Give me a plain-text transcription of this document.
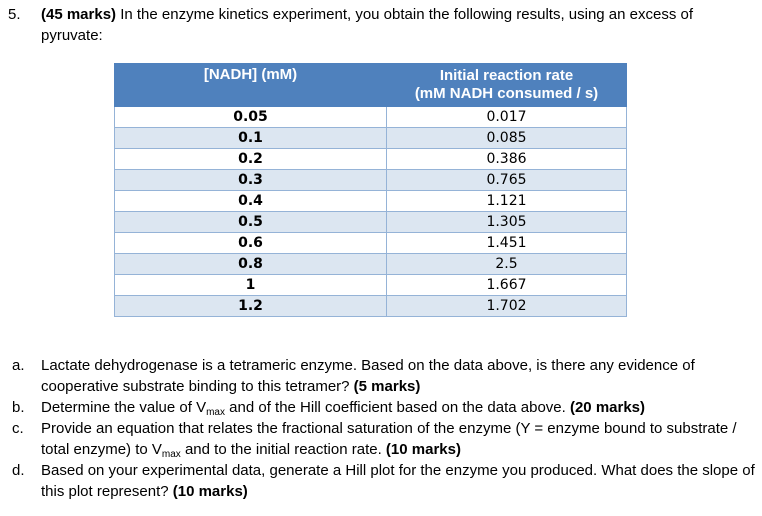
5. (45 marks) In the enzyme kinetics experiment, you obtain the following results, using an excess of pyruvate:
[NADH] (mM)	Initial reaction rate
(mM NADH consumed / s)
0.05	0.017
0.1	0.085
0.2	0.386
0.3	0.765
0.4	1.121
0.5	1.305
0.6	1.451
0.8	2.5
1	1.667
1.2	1.702
a. Lactate dehydrogenase is a tetrameric enzyme. Based on the data above, is there any evidence of cooperative substrate binding to this tetramer? (5 marks)
b. Determine the value of $V_{max}$ and of the Hill coefficient based on the data above. (20 marks)
c. Provide an equation that relates the fractional saturation of the enzyme (Y = enzyme bound to substrate / total enzyme) to $V_{max}$ and to the initial reaction rate. (10 marks)
d. Based on your experimental data, generate a Hill plot for the enzyme you produced. What does the slope of this plot represent? (10 marks)
